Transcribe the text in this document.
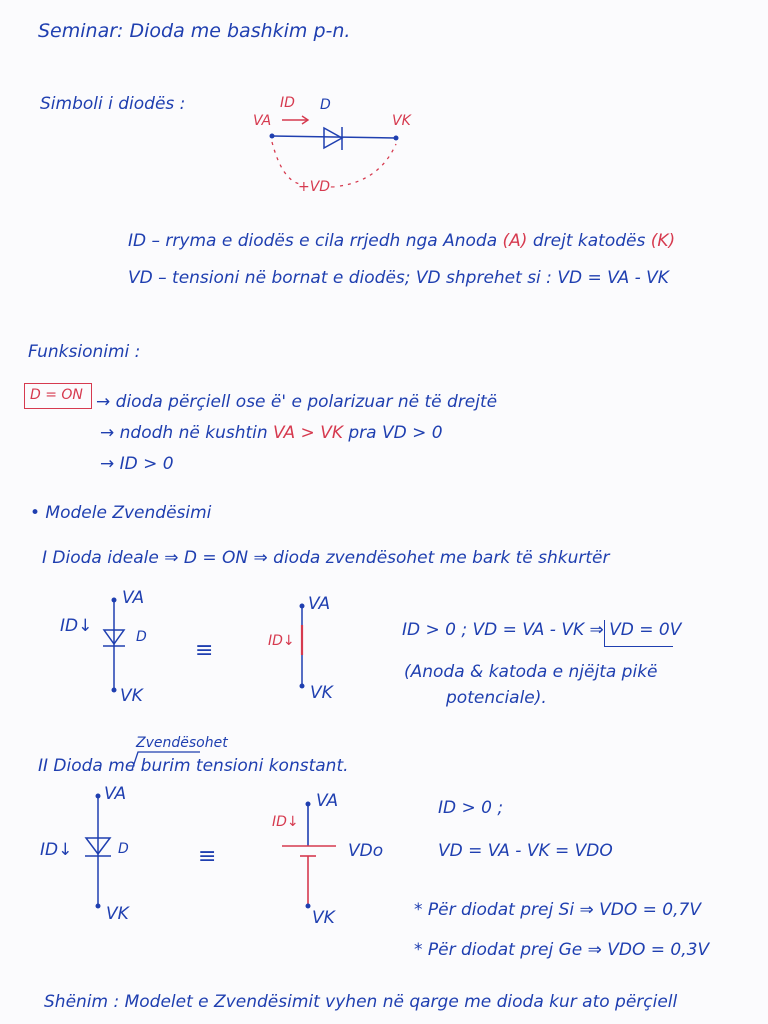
Seminar: Dioda me bashkim p-n.
Simboli i diodës :
VA	VK
ID D
+VD-
ID – rryma e diodës e cila rrjedh nga Anoda (A) drejt katodës (K)
VD – tensioni në bornat e diodës; VD shprehet si : VD = VA - VK
Funksionimi :
D = ON → dioda përçiell ose ë' e polarizuar në të drejtë
→ ndodh në kushtin VA > VK pra VD > 0
→ ID > 0
• Modele Zvendësimi
I Dioda ideale ⇒ D = ON ⇒ dioda zvendësohet me bark të shkurtër
VA
VK
ID↓
D
≡
VA
VK
ID↓
ID > 0 ; VD = VA - VK ⇒ VD = 0V
(Anoda & katoda e njëjta pikë
potenciale).
Zvendësohet
II Dioda me burim tensioni konstant.
VA
VK
ID↓	D	≡
VA
VK
ID↓
VDo
ID > 0 ;
VD = VA - VK = VDO
* Për diodat prej Si ⇒ VDO = 0,7V
* Për diodat prej Ge ⇒ VDO = 0,3V
Shënim : Modelet e Zvendësimit vyhen në qarge me dioda kur ato përçiell
